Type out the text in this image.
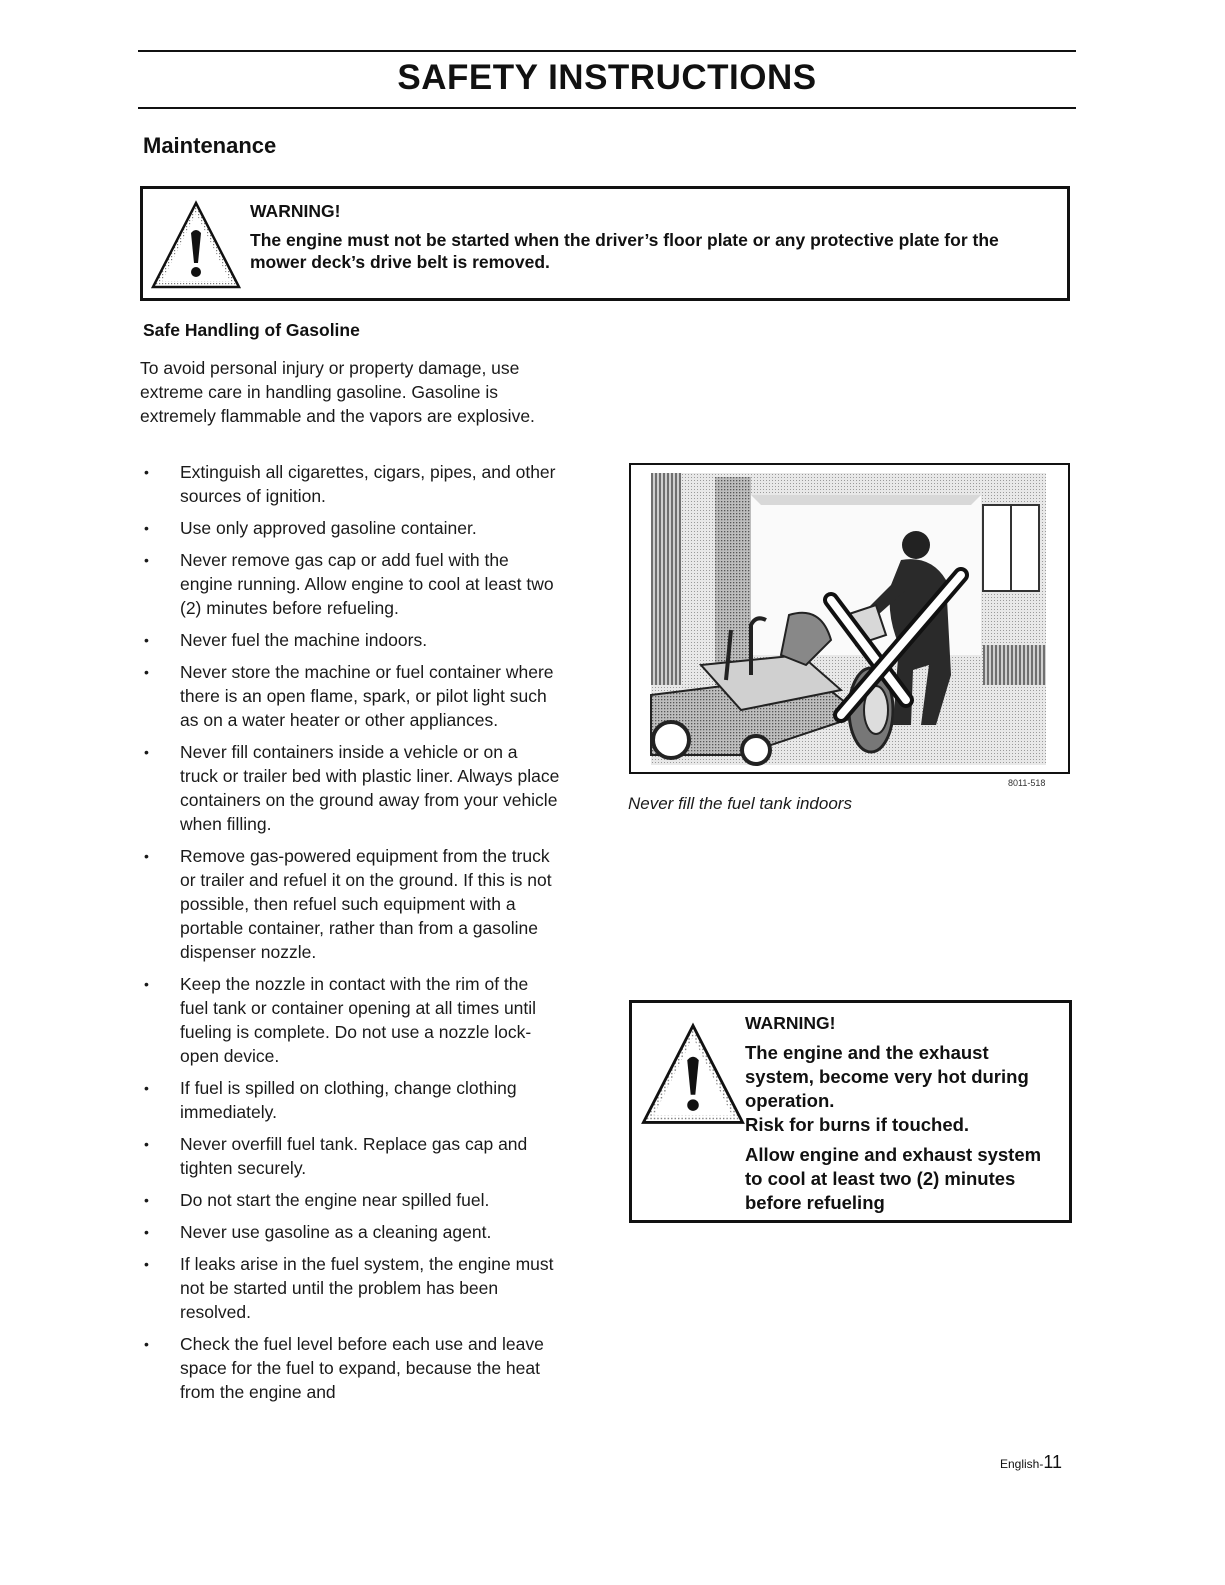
SAFETY INSTRUCTIONS
Maintenance
WARNING!
The engine must not be started when the driver’s floor plate or any protective plate for the mower deck’s drive belt is removed.
Safe Handling of Gasoline
To avoid personal injury or property damage, use extreme care in handling gasoline. Gasoline is extremely flammable and the vapors are explosive.
• Extinguish all cigarettes, cigars, pipes, and other sources of ignition.
• Use only approved gasoline container.
• Never remove gas cap or add fuel with the engine running. Allow engine to cool at least two (2) minutes before refueling.
• Never fuel the machine indoors.
• Never store the machine or fuel container where there is an open flame, spark, or pilot light such as on a water heater or other appliances.
• Never fill containers inside a vehicle or on a truck or trailer bed with plastic liner. Always place containers on the ground away from your vehicle when filling.
• Remove gas-powered equipment from the truck or trailer and refuel it on the ground. If this is not possible, then refuel such equipment with a portable container, rather than from a gasoline dispenser nozzle.
• Keep the nozzle in contact with the rim of the fuel tank or container opening at all times until fueling is complete. Do not use a nozzle lock-open device.
• If fuel is spilled on clothing, change clothing immediately.
• Never overfill fuel tank. Replace gas cap and tighten securely.
• Do not start the engine near spilled fuel.
• Never use gasoline as a cleaning agent.
• If leaks arise in the fuel system, the engine must not be started until the problem has been resolved.
• Check the fuel level before each use and leave space for the fuel to expand, because the heat from the engine and
8011-518
Never fill the fuel tank indoors
WARNING!
The engine and the exhaust system, become very hot during operation.
Risk for burns if touched.
Allow engine and exhaust system to cool at least two (2) minutes before refueling
English-11
